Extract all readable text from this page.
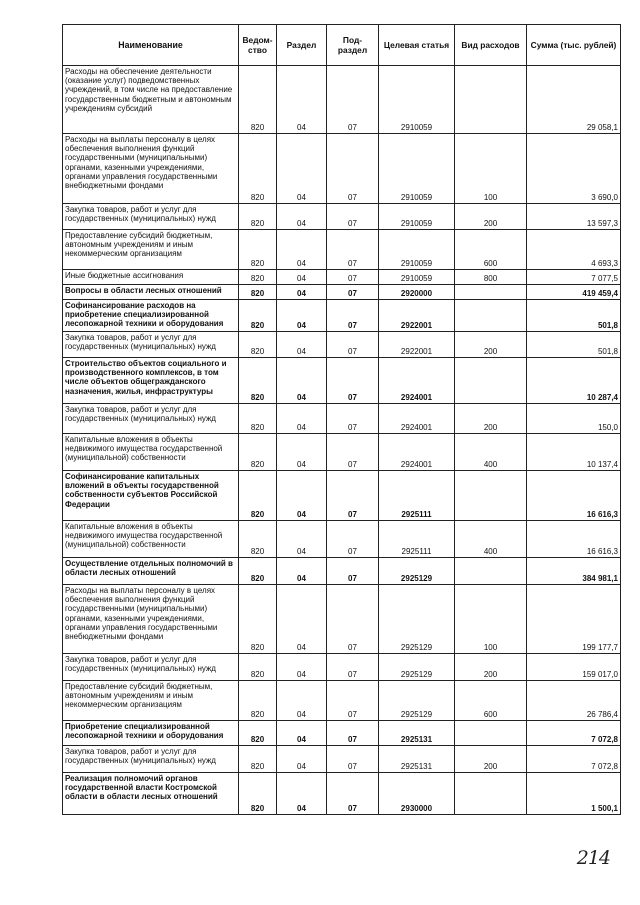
Наименование	Ведом-ство	Раздел	Под-раздел	Целевая статья	Вид расходов	Сумма (тыс. рублей)
Расходы на обеспечение деятельности (оказание услуг) подведомственных учреждений, в том числе на предоставление государственным бюджетным и автономным учреждениям субсидий	820	04	07	2910059		29 058,1
Расходы на выплаты персоналу в целях обеспечения выполнения функций государственными (муниципальными) органами, казенными учреждениями, органами управления государственными внебюджетными фондами	820	04	07	2910059	100	3 690,0
Закупка товаров, работ и услуг для государственных (муниципальных) нужд	820	04	07	2910059	200	13 597,3
Предоставление субсидий бюджетным, автономным учреждениям и иным некоммерческим организациям	820	04	07	2910059	600	4 693,3
Иные бюджетные ассигнования	820	04	07	2910059	800	7 077,5
Вопросы в области лесных отношений	820	04	07	2920000		419 459,4
Софинансирование расходов на приобретение специализированной лесопожарной техники и оборудования	820	04	07	2922001		501,8
Закупка товаров, работ и услуг для государственных (муниципальных) нужд	820	04	07	2922001	200	501,8
Строительство объектов социального и производственного комплексов, в том числе объектов общегражданского назначения, жилья, инфраструктуры	820	04	07	2924001		10 287,4
Закупка товаров, работ и услуг для государственных (муниципальных) нужд	820	04	07	2924001	200	150,0
Капитальные вложения в объекты недвижимого имущества государственной (муниципальной) собственности	820	04	07	2924001	400	10 137,4
Софинансирование капитальных вложений в объекты государственной собственности субъектов Российской Федерации	820	04	07	2925111		16 616,3
Капитальные вложения в объекты недвижимого имущества государственной (муниципальной) собственности	820	04	07	2925111	400	16 616,3
Осуществление отдельных полномочий в области лесных отношений	820	04	07	2925129		384 981,1
Расходы на выплаты персоналу в целях обеспечения выполнения функций государственными (муниципальными) органами, казенными учреждениями, органами управления государственными внебюджетными фондами	820	04	07	2925129	100	199 177,7
Закупка товаров, работ и услуг для государственных (муниципальных) нужд	820	04	07	2925129	200	159 017,0
Предоставление субсидий бюджетным, автономным учреждениям и иным некоммерческим организациям	820	04	07	2925129	600	26 786,4
Приобретение специализированной лесопожарной техники и оборудования	820	04	07	2925131		7 072,8
Закупка товаров, работ и услуг для государственных (муниципальных) нужд	820	04	07	2925131	200	7 072,8
Реализация полномочий органов государственной власти Костромской области в области лесных отношений	820	04	07	2930000		1 500,1
214
